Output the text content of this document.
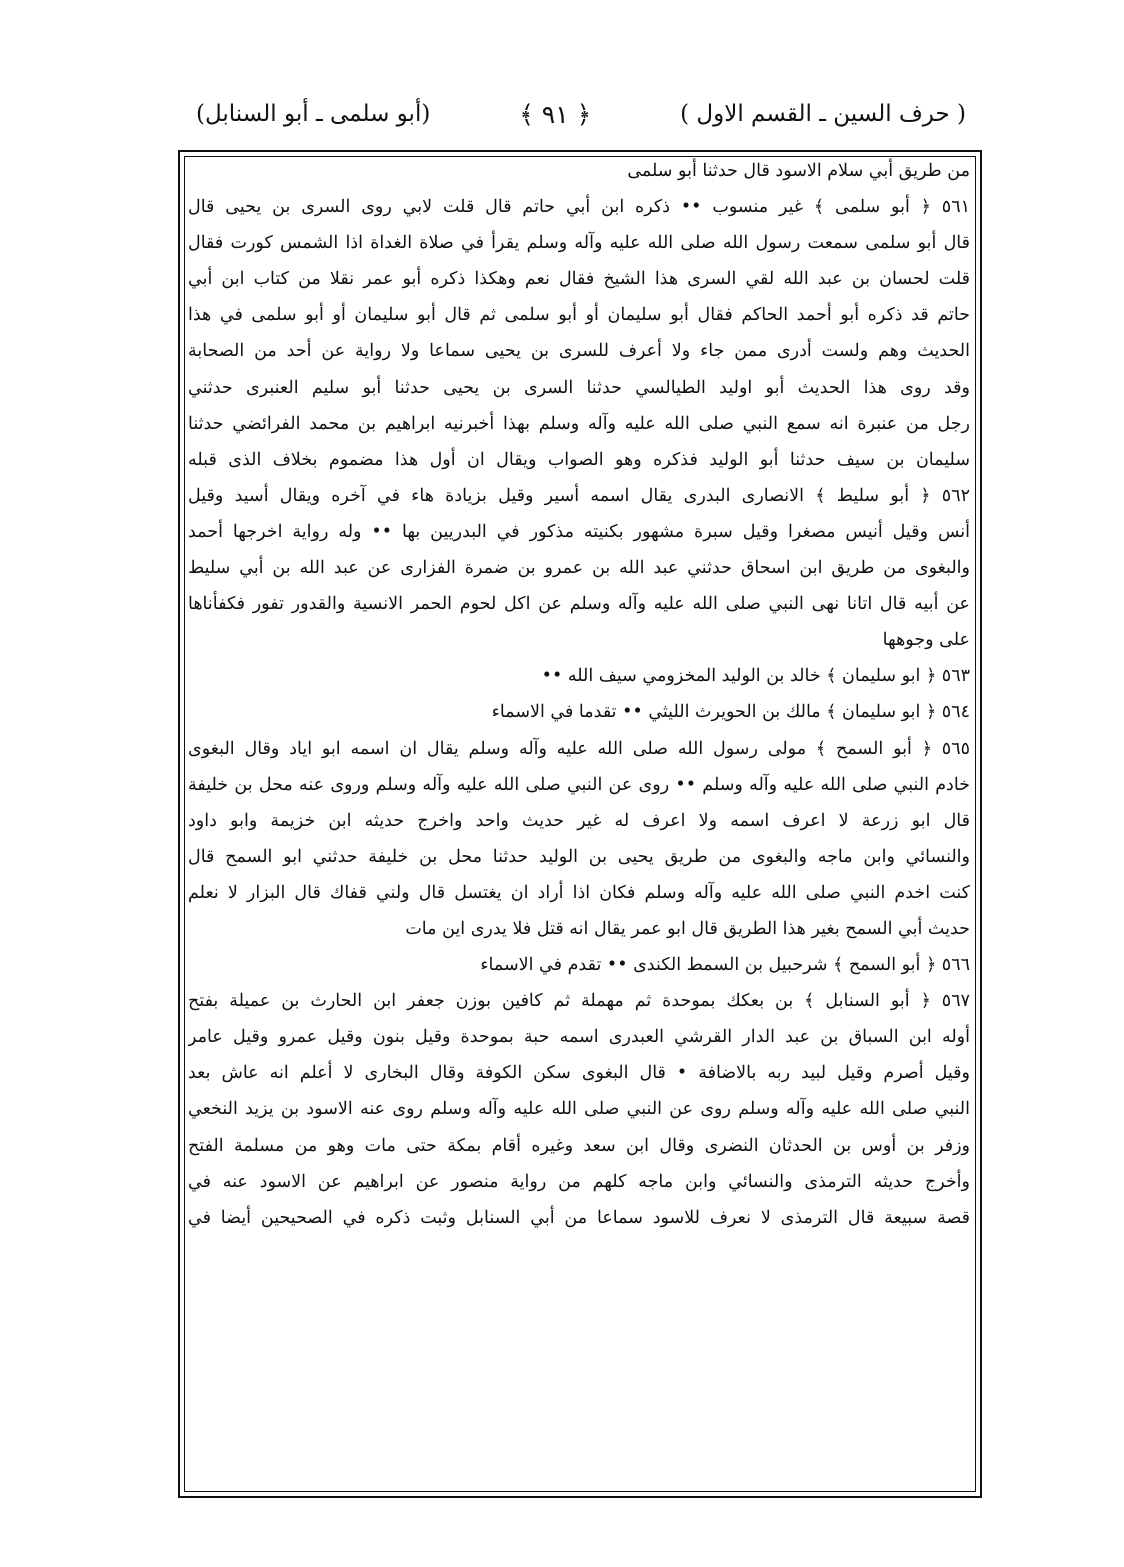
( حرف السين ـ القسم الاول )
﴿ ٩١ ﴾
(أبو سلمى ـ أبو السنابل)
من طريق أبي سلام الاسود قال حدثنا أبو سلمى
٥٦١ ﴿ أبو سلمى ﴾ غير منسوب •• ذكره ابن أبي حاتم قال قلت لابي روى السرى بن يحيى قال
قال أبو سلمى سمعت رسول الله صلى الله عليه وآله وسلم يقرأ في صلاة الغداة اذا الشمس كورت فقال
قلت لحسان بن عبد الله لقي السرى هذا الشيخ فقال نعم وهكذا ذكره أبو عمر نقلا من كتاب ابن أبي
حاتم قد ذكره أبو أحمد الحاكم فقال أبو سليمان أو أبو سلمى ثم قال أبو سليمان أو أبو سلمى في هذا
الحديث وهم ولست أدرى ممن جاء ولا أعرف للسرى بن يحيى سماعا ولا رواية عن أحد من الصحابة
وقد روى هذا الحديث أبو اوليد الطيالسي حدثنا السرى بن يحيى حدثنا أبو سليم العنبرى حدثني
رجل من عنبرة انه سمع النبي صلى الله عليه وآله وسلم بهذا أخبرنيه ابراهيم بن محمد الفرائضي حدثنا
سليمان بن سيف حدثنا أبو الوليد فذكره وهو الصواب ويقال ان أول هذا مضموم بخلاف الذى قبله
٥٦٢ ﴿ أبو سليط ﴾ الانصارى البدرى يقال اسمه أسير وقيل بزيادة هاء في آخره ويقال أسيد وقيل
أنس وقيل أنيس مصغرا وقيل سبرة مشهور بكنيته مذكور في البدريين بها •• وله رواية اخرجها أحمد
والبغوى من طريق ابن اسحاق حدثني عبد الله بن عمرو بن ضمرة الفزارى عن عبد الله بن أبي سليط
عن أبيه قال اتانا نهى النبي صلى الله عليه وآله وسلم عن اكل لحوم الحمر الانسية والقدور تفور فكفأناها
على وجوهها
٥٦٣ ﴿ ابو سليمان ﴾ خالد بن الوليد المخزومي سيف الله ••
٥٦٤ ﴿ ابو سليمان ﴾ مالك بن الحويرث الليثي •• تقدما في الاسماء
٥٦٥ ﴿ أبو السمح ﴾ مولى رسول الله صلى الله عليه وآله وسلم يقال ان اسمه ابو اياد وقال البغوى
خادم النبي صلى الله عليه وآله وسلم •• روى عن النبي صلى الله عليه وآله وسلم وروى عنه محل بن خليفة
قال ابو زرعة لا اعرف اسمه ولا اعرف له غير حديث واحد واخرج حديثه ابن خزيمة وابو داود
والنسائي وابن ماجه والبغوى من طريق يحيى بن الوليد حدثنا محل بن خليفة حدثني ابو السمح قال
كنت اخدم النبي صلى الله عليه وآله وسلم فكان اذا أراد ان يغتسل قال ولني قفاك قال البزار لا نعلم
حديث أبي السمح بغير هذا الطريق قال ابو عمر يقال انه قتل فلا يدرى اين مات
٥٦٦ ﴿ أبو السمح ﴾ شرحبيل بن السمط الكندى •• تقدم في الاسماء
٥٦٧ ﴿ أبو السنابل ﴾ بن بعكك بموحدة ثم مهملة ثم كافين بوزن جعفر ابن الحارث بن عميلة بفتح
أوله ابن السباق بن عبد الدار القرشي العبدرى اسمه حبة بموحدة وقيل بنون وقيل عمرو وقيل عامر
وقيل أصرم وقيل لبيد ربه بالاضافة • قال البغوى سكن الكوفة وقال البخارى لا أعلم انه عاش بعد
النبي صلى الله عليه وآله وسلم روى عن النبي صلى الله عليه وآله وسلم روى عنه الاسود بن يزيد النخعي
وزفر بن أوس بن الحدثان النضرى وقال ابن سعد وغيره أقام بمكة حتى مات وهو من مسلمة الفتح
وأخرج حديثه الترمذى والنسائي وابن ماجه كلهم من رواية منصور عن ابراهيم عن الاسود عنه في
قصة سبيعة قال الترمذى لا نعرف للاسود سماعا من أبي السنابل وثبت ذكره في الصحيحين أيضا في
